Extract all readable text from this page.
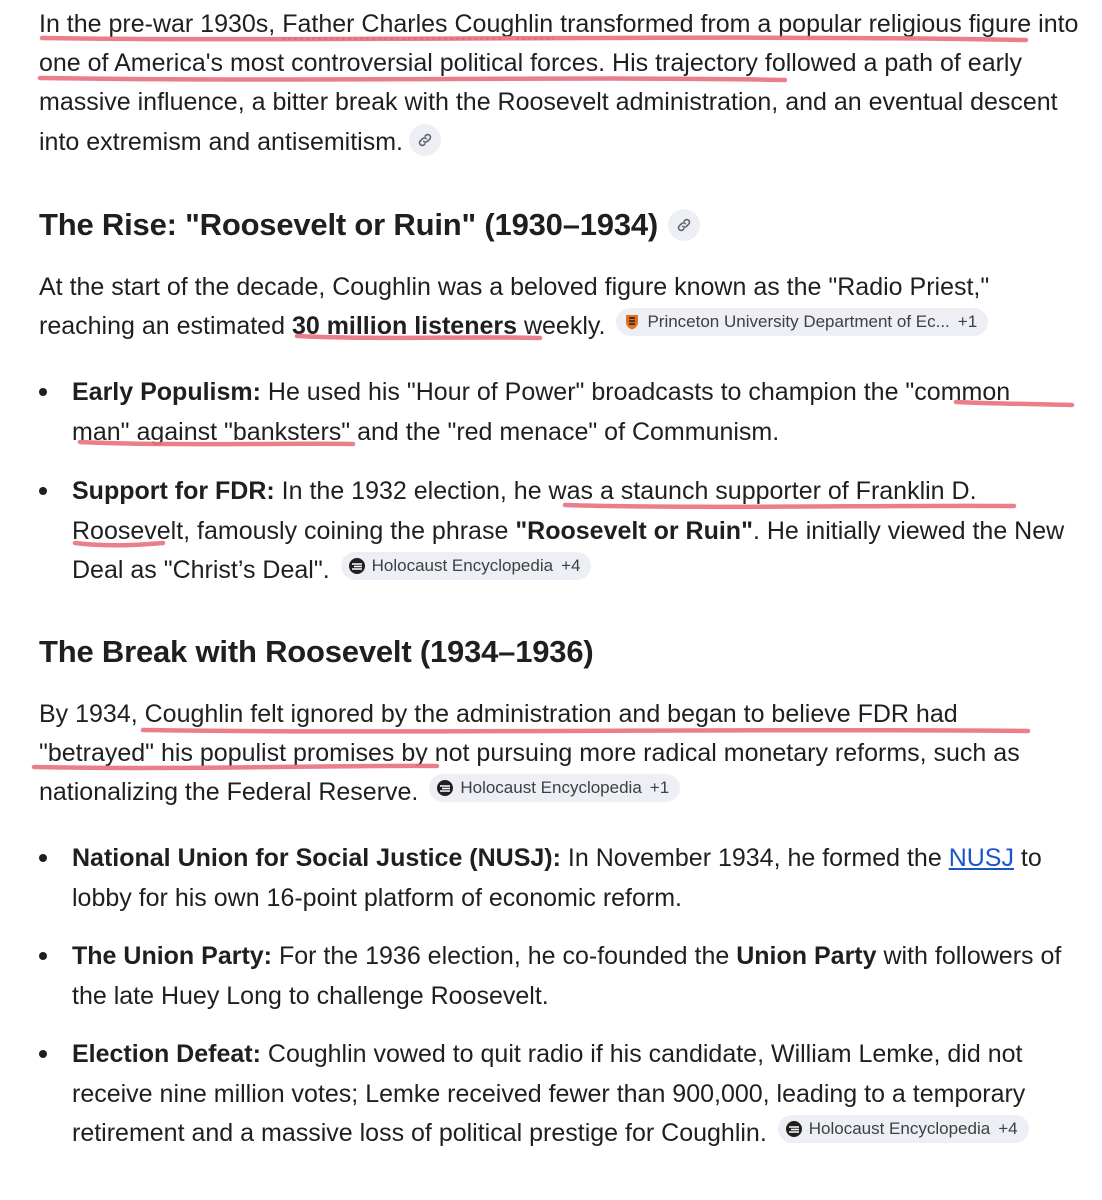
In the pre-war 1930s, Father Charles Coughlin transformed from a popular religious figure into one of America's most controversial political forces. His trajectory followed a path of early massive influence, a bitter break with the Roosevelt administration, and an eventual descent into extremism and antisemitism.

The Rise: "Roosevelt or Ruin" (1930–1934)

At the start of the decade, Coughlin was a beloved figure known as the "Radio Priest," reaching an estimated 30 million listeners weekly. Princeton University Department of Ec... +1

Early Populism: He used his "Hour of Power" broadcasts to champion the "common man" against "banksters" and the "red menace" of Communism.

Support for FDR: In the 1932 election, he was a staunch supporter of Franklin D. Roosevelt, famously coining the phrase "Roosevelt or Ruin". He initially viewed the New Deal as "Christ’s Deal". Holocaust Encyclopedia +4

The Break with Roosevelt (1934–1936)

By 1934, Coughlin felt ignored by the administration and began to believe FDR had "betrayed" his populist promises by not pursuing more radical monetary reforms, such as nationalizing the Federal Reserve. Holocaust Encyclopedia +1

National Union for Social Justice (NUSJ): In November 1934, he formed the NUSJ to lobby for his own 16-point platform of economic reform.

The Union Party: For the 1936 election, he co-founded the Union Party with followers of the late Huey Long to challenge Roosevelt.

Election Defeat: Coughlin vowed to quit radio if his candidate, William Lemke, did not receive nine million votes; Lemke received fewer than 900,000, leading to a temporary retirement and a massive loss of political prestige for Coughlin. Holocaust Encyclopedia +4
